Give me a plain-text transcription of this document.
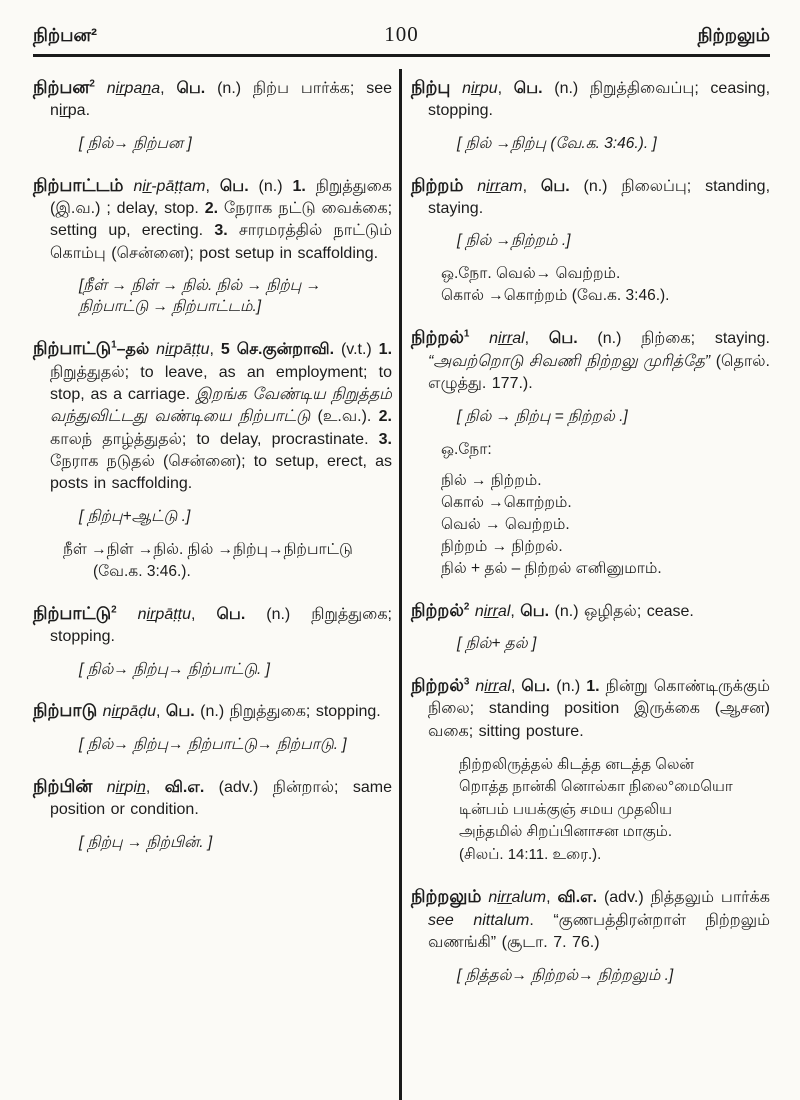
நிற்பன²	100	நிற்றலும்
நிற்பன$^2$ nir̲pan̲a, பெ. (n.) நிற்ப பார்க்க; see nir̲pa.
[ நில்→ நிற்பன ]
நிற்பாட்டம் nir̲-pāṭṭam, பெ. (n.) 1. நிறுத்துகை (இ.வ.) ; delay, stop. 2. நேராக நட்டு வைக்கை; setting up, erecting. 3. சாரமரத்தில் நாட்டும் கொம்பு (சென்னை); post setup in scaffolding.
[நீள் → நிள் → நில். நில் → நிற்பு → நிற்பாட்டு → நிற்பாட்டம்.]
நிற்பாட்டு$^1$–தல் nir̲pāṭṭu, 5 செ.குன்றாவி. (v.t.) 1. நிறுத்துதல்; to leave, as an employment; to stop, as a carriage. இறங்க வேண்டிய நிறுத்தம் வந்துவிட்டது வண்டியை நிற்பாட்டு (உ.வ.). 2. காலந் தாழ்த்துதல்; to delay, procrastinate. 3. நேராக நடுதல் (சென்னை); to setup, erect, as posts in sacffolding.
[ நிற்பு+ஆட்டு .]
நீள் →நிள் →நில். நில் →நிற்பு→நிற்பாட்டு
(வே.க. 3:46.).
நிற்பாட்டு$^2$ nir̲pāṭṭu, பெ. (n.) நிறுத்துகை; stopping.
[ நில்→ நிற்பு→ நிற்பாட்டு. ]
நிற்பாடு nir̲pāḍu, பெ. (n.) நிறுத்துகை; stopping.
[ நில்→ நிற்பு→ நிற்பாட்டு→ நிற்பாடு. ]
நிற்பின் nir̲pin̲, வி.எ. (adv.) நின்றால்; same position or condition.
[ நிற்பு → நிற்பின். ]
நிற்பு nir̲pu, பெ. (n.) நிறுத்திவைப்பு; ceasing, stopping.
[ நில் →நிற்பு (வே.க. 3:46.). ]
நிற்றம் nir̲r̲am, பெ. (n.) நிலைப்பு; standing, staying.
[ நில் →நிற்றம் .]
ஒ.நோ. வெல்→ வெற்றம்.
கொல் →கொற்றம் (வே.க. 3:46.).
நிற்றல்$^1$ nir̲r̲al, பெ. (n.) நிற்கை; staying. “அவற்றொடு சிவணி நிற்றலு முரித்தே” (தொல். எழுத்து. 177.).
[ நில் → நிற்பு = நிற்றல் .]
ஒ.நோ:
நில் → நிற்றம்.
கொல் →கொற்றம்.
வெல் → வெற்றம்.
நிற்றம் → நிற்றல்.
நில் + தல் – நிற்றல் எனினுமாம்.
நிற்றல்$^2$ nir̲r̲al, பெ. (n.) ஒழிதல்; cease.
[ நில்+ தல் ]
நிற்றல்$^3$ nir̲r̲al, பெ. (n.) 1. நின்று கொண்டிருக்கும் நிலை; standing position இருக்கை (ஆசன) வகை; sitting posture.
நிற்றலிருத்தல் கிடத்த னடத்த லென்
றொத்த நான்கி னொல்கா நிலை°மையொ
டின்பம் பயக்குஞ் சமய முதலிய
அந்தமில் சிறப்பினாசன மாகும்.
(சிலப். 14:11. உரை.).
நிற்றலும் nir̲r̲alum, வி.எ. (adv.) நித்தலும் பார்க்க see nittalum. “குணபத்திரன்றாள் நிற்றலும் வணங்கி” (சூடா. 7. 76.)
[ நித்தல்→ நிற்றல்→ நிற்றலும் .]
